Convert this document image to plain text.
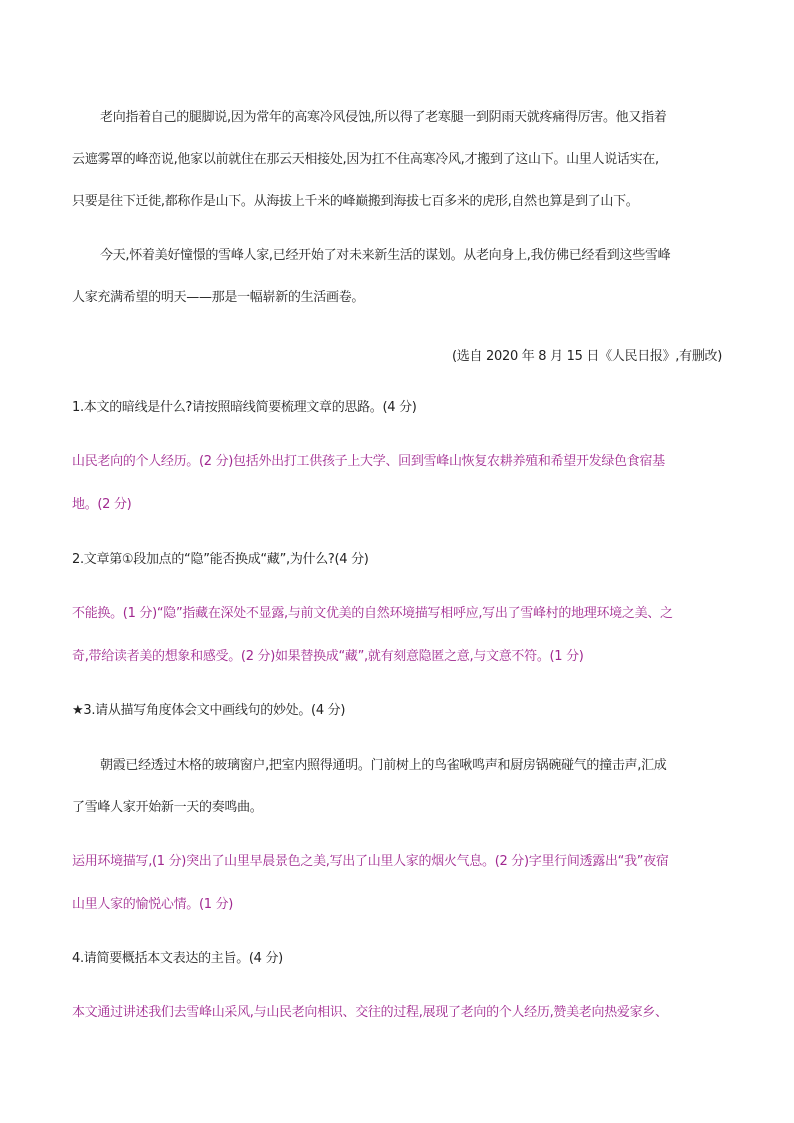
老向指着自己的腿脚说,因为常年的高寒冷风侵蚀,所以得了老寒腿一到阴雨天就疼痛得厉害。他又指着
云遮雾罩的峰峦说,他家以前就住在那云天相接处,因为扛不住高寒冷风,才搬到了这山下。山里人说话实在,
只要是往下迁徙,都称作是山下。从海拔上千米的峰巅搬到海拔七百多米的虎形,自然也算是到了山下。
今天,怀着美好憧憬的雪峰人家,已经开始了对未来新生活的谋划。从老向身上,我仿佛已经看到这些雪峰
人家充满希望的明天——那是一幅崭新的生活画卷。
(选自 2020 年 8 月 15 日《人民日报》,有删改)
1.本文的暗线是什么?请按照暗线简要梳理文章的思路。(4 分)
山民老向的个人经历。(2 分)包括外出打工供孩子上大学、回到雪峰山恢复农耕养殖和希望开发绿色食宿基
地。(2 分)
2.文章第①段加点的“隐”能否换成“藏”,为什么?(4 分)
不能换。(1 分)“隐”指藏在深处不显露,与前文优美的自然环境描写相呼应,写出了雪峰村的地理环境之美、之
奇,带给读者美的想象和感受。(2 分)如果替换成“藏”,就有刻意隐匿之意,与文意不符。(1 分)
★3.请从描写角度体会文中画线句的妙处。(4 分)
朝霞已经透过木格的玻璃窗户,把室内照得通明。门前树上的鸟雀啾鸣声和厨房锅碗碰气的撞击声,汇成
了雪峰人家开始新一天的奏鸣曲。
运用环境描写,(1 分)突出了山里早晨景色之美,写出了山里人家的烟火气息。(2 分)字里行间透露出“我”夜宿
山里人家的愉悦心情。(1 分)
4.请简要概括本文表达的主旨。(4 分)
本文通过讲述我们去雪峰山采风,与山民老向相识、交往的过程,展现了老向的个人经历,赞美老向热爱家乡、
